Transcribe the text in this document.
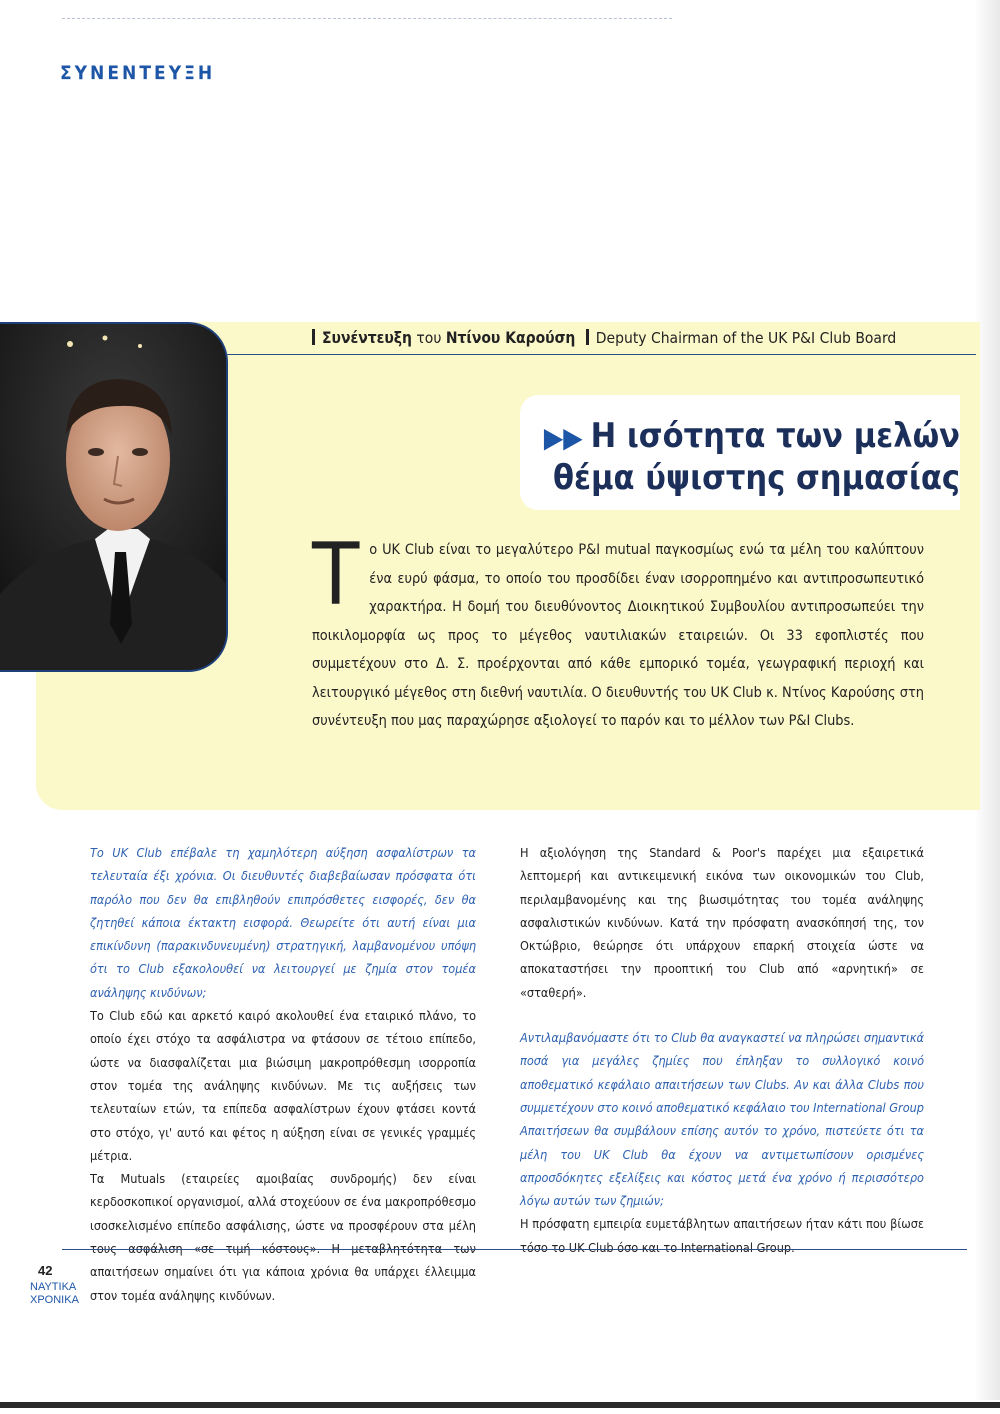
ΣΥΝΕΝΤΕΥΞΗ
Συνέντευξη του Ντίνου Καρούση Deputy Chairman of the UK P&I Club Board
▶▶ Η ισότητα των μελών
θέμα ύψιστης σημασίας
Το UK Club είναι το μεγαλύτερο P&I mutual παγκοσμίως ενώ τα μέλη του καλύπτουν ένα ευρύ φάσμα, το οποίο του προσδίδει έναν ισορροπημένο και αντιπροσωπευτικό χαρακτήρα. Η δομή του διευθύνοντος Διοικητικού Συμβουλίου αντιπροσωπεύει την ποικιλομορφία ως προς το μέγεθος ναυτιλιακών εταιρειών. Οι 33 εφοπλιστές που συμμετέχουν στο Δ. Σ. προέρχονται από κάθε εμπορικό τομέα, γεωγραφική περιοχή και λειτουργικό μέγεθος στη διεθνή ναυτιλία. Ο διευθυντής του UK Club κ. Ντίνος Καρούσης στη συνέντευξη που μας παραχώρησε αξιολογεί το παρόν και το μέλλον των P&I Clubs.

Το UK Club επέβαλε τη χαμηλότερη αύξηση ασφαλίστρων τα τελευταία έξι χρόνια. Οι διευθυντές διαβεβαίωσαν πρόσφατα ότι παρόλο που δεν θα επιβληθούν επιπρόσθετες εισφορές, δεν θα ζητηθεί κάποια έκτακτη εισφορά. Θεωρείτε ότι αυτή είναι μια επικίνδυνη (παρακινδυνευμένη) στρατηγική, λαμβανομένου υπόψη ότι το Club εξακολουθεί να λειτουργεί με ζημία στον τομέα ανάληψης κινδύνων;

Το Club εδώ και αρκετό καιρό ακολουθεί ένα εταιρικό πλάνο, το οποίο έχει στόχο τα ασφάλιστρα να φτάσουν σε τέτοιο επίπεδο, ώστε να διασφαλίζεται μια βιώσιμη μακροπρόθεσμη ισορροπία στον τομέα της ανάληψης κινδύνων. Με τις αυξήσεις των τελευταίων ετών, τα επίπεδα ασφαλίστρων έχουν φτάσει κοντά στο στόχο, γι' αυτό και φέτος η αύξηση είναι σε γενικές γραμμές μέτρια.

Τα Mutuals (εταιρείες αμοιβαίας συνδρομής) δεν είναι κερδοσκοπικοί οργανισμοί, αλλά στοχεύουν σε ένα μακροπρόθεσμο ισοσκελισμένο επίπεδο ασφάλισης, ώστε να προσφέρουν στα μέλη τους ασφάλιση «σε τιμή κόστους». Η μεταβλητότητα των απαιτήσεων σημαίνει ότι για κάποια χρόνια θα υπάρχει έλλειμμα στον τομέα ανάληψης κινδύνων.

Η αξιολόγηση της Standard & Poor's παρέχει μια εξαιρετικά λεπτομερή και αντικειμενική εικόνα των οικονομικών του Club, περιλαμβανομένης και της βιωσιμότητας του τομέα ανάληψης ασφαλιστικών κινδύνων. Κατά την πρόσφατη ανασκόπησή της, τον Οκτώβριο, θεώρησε ότι υπάρχουν επαρκή στοιχεία ώστε να αποκαταστήσει την προοπτική του Club από «αρνητική» σε «σταθερή».

Αντιλαμβανόμαστε ότι το Club θα αναγκαστεί να πληρώσει σημαντικά ποσά για μεγάλες ζημίες που έπληξαν το συλλογικό κοινό αποθεματικό κεφάλαιο απαιτήσεων των Clubs. Αν και άλλα Clubs που συμμετέχουν στο κοινό αποθεματικό κεφάλαιο του International Group Απαιτήσεων θα συμβάλουν επίσης αυτόν το χρόνο, πιστεύετε ότι τα μέλη του UK Club θα έχουν να αντιμετωπίσουν ορισμένες απροσδόκητες εξελίξεις και κόστος μετά ένα χρόνο ή περισσότερο λόγω αυτών των ζημιών;

Η πρόσφατη εμπειρία ευμετάβλητων απαιτήσεων ήταν κάτι που βίωσε τόσο το UK Club όσο και το International Group.

42
ΝΑΥΤΙΚΑ
ΧΡΟΝΙΚΑ
